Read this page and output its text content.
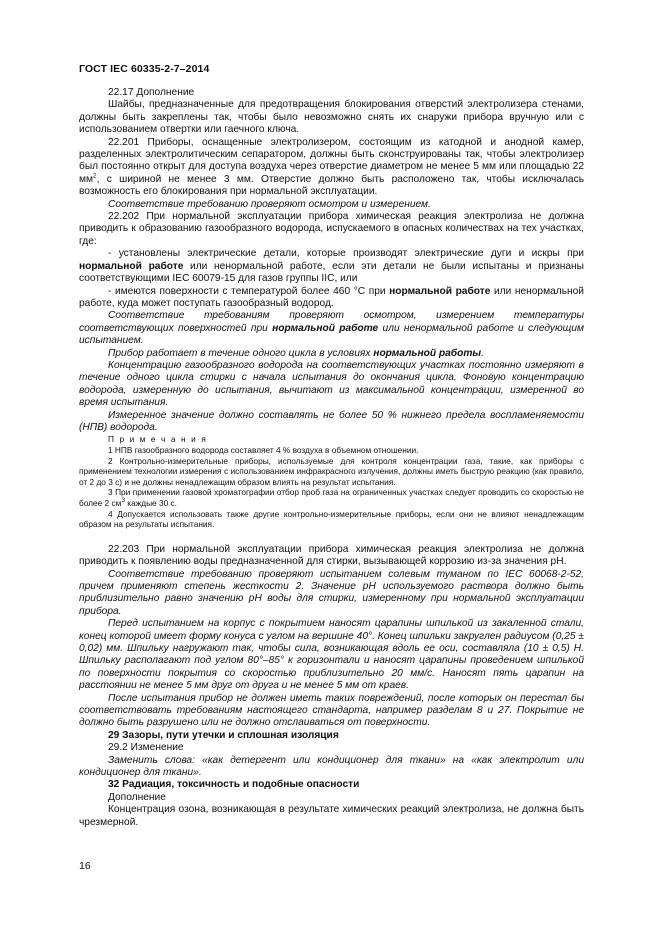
ГОСТ IEC 60335-2-7–2014

22.17 Дополнение

Шайбы, предназначенные для предотвращения блокирования отверстий электролизера стенами, должны быть закреплены так, чтобы было невозможно снять их снаружи прибора вручную или с использованием отвертки или гаечного ключа.

22.201 Приборы, оснащенные электролизером, состоящим из катодной и анодной камер, разделенных электролитическим сепаратором, должны быть сконструированы так, чтобы электролизер был постоянно открыт для доступа воздуха через отверстие диаметром не менее 5 мм или площадью 22 $мм^2$, с шириной не менее 3 мм. Отверстие должно быть расположено так, чтобы исключалась возможность его блокирования при нормальной эксплуатации.

Соответствие требованию проверяют осмотром и измерением.

22.202 При нормальной эксплуатации прибора химическая реакция электролиза не должна приводить к образованию газообразного водорода, испускаемого в опасных количествах на тех участках, где:

- установлены электрические детали, которые производят электрические дуги и искры при нормальной работе или ненормальной работе, если эти детали не были испытаны и признаны соответствующими IEC 60079-15 для газов группы IIC, или

- имеются поверхности с температурой более 460 °C при нормальной работе или ненормальной работе, куда может поступать газообразный водород.

Соответствие требованиям проверяют осмотром, измерением температуры соответствующих поверхностей при нормальной работе или ненормальной работе и следующим испытанием.

Прибор работает в течение одного цикла в условиях нормальной работы.

Концентрацию газообразного водорода на соответствующих участках постоянно измеряют в течение одного цикла стирки с начала испытания до окончания цикла. Фоновую концентрацию водорода, измеренную до испытания, вычитают из максимальной концентрации, измеренной во время испытания.

Измеренное значение должно составлять не более 50 % нижнего предела воспламеняемости (НПВ) водорода.

П р и м е ч а н и я

1 НПВ газообразного водорода составляет 4 % воздуха в объемном отношении.

2 Контрольно-измерительные приборы, используемые для контроля концентрации газа, такие, как приборы с применением технологии измерения с использованием инфракрасного излучения, должны иметь быструю реакцию (как правило, от 2 до 3 с) и не должны ненадлежащим образом влиять на результат испытания.

3 При применении газовой хроматографии отбор проб газа на ограниченных участках следует проводить со скоростью не более 2 $см^3$ каждые 30 с.

4 Допускается использовать также другие контрольно-измерительные приборы, если они не влияют ненадлежащим образом на результаты испытания.

22.203 При нормальной эксплуатации прибора химическая реакция электролиза не должна приводить к появлению воды предназначенной для стирки, вызывающей коррозию из-за значения pH.

Соответствие требованию проверяют испытанием солевым туманом по IEC 60068-2-52, причем применяют степень жесткости 2. Значение pH используемого раствора должно быть приблизительно равно значению pH воды для стирки, измеренному при нормальной эксплуатации прибора.

Перед испытанием на корпус с покрытием наносят царапины шпилькой из закаленной стали, конец которой имеет форму конуса с углом на вершине 40°. Конец шпильки закруглен радиусом (0,25 ± 0,02) мм. Шпильку нагружают так, чтобы сила, возникающая вдоль ее оси, составляла (10 ± 0,5) Н. Шпильку располагают под углом 80°–85° к горизонтали и наносят царапины проведением шпилькой по поверхности покрытия со скоростью приблизительно 20 мм/с. Наносят пять царапин на расстоянии не менее 5 мм друг от друга и не менее 5 мм от краев.

После испытания прибор не должен иметь таких повреждений, после которых он перестал бы соответствовать требованиям настоящего стандарта, например разделам 8 и 27. Покрытие не должно быть разрушено или не должно отслаиваться от поверхности.

29 Зазоры, пути утечки и сплошная изоляция

29.2 Изменение

Заменить слова: «как детергент или кондиционер для ткани» на «как электролит или кондиционер для ткани».

32 Радиация, токсичность и подобные опасности

Дополнение

Концентрация озона, возникающая в результате химических реакций электролиза, не должна быть чрезмерной.

16
